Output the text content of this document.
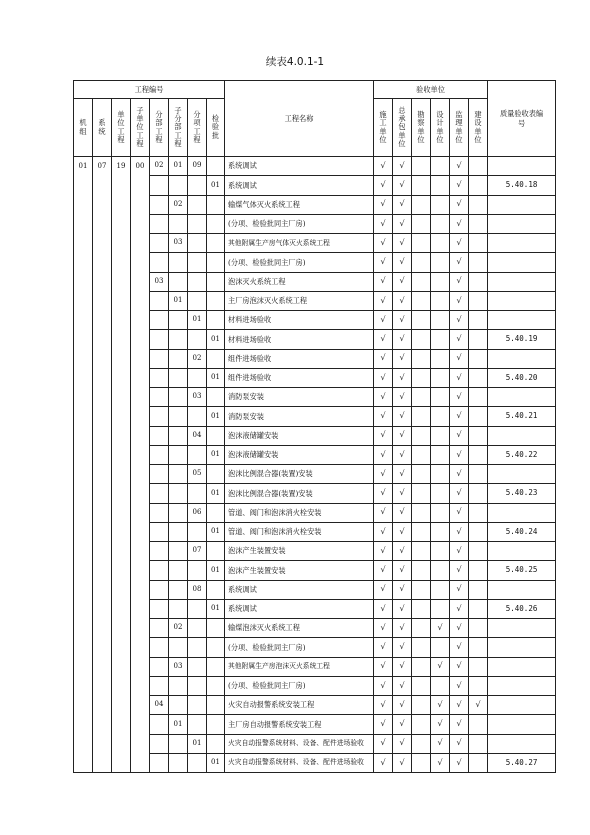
续表4.0.1-1
工程编号								工程名称	验收单位						质量验收表编号
机组	系统	单位工程	子单位工程	分部工程	子分部工程	分项工程	检验批		施工单位	总承包单位	勘察单位	设计单位	监理单位	建设单位	
01	07	19	00	02	01	09		系统调试	√	√			√		
							01	系统调试	√	√			√		5.40.18
					02			输煤气体灭火系统工程	√	√			√		
								(分项、检验批同主厂房)	√	√			√		
					03			其他附属生产房气体灭火系统工程	√	√			√		
								(分项、检验批同主厂房)	√	√			√		
				03				泡沫灭火系统工程	√	√			√		
					01			主厂房泡沫灭火系统工程	√	√			√		
						01		材料进场验收	√	√			√		
							01	材料进场验收	√	√			√		5.40.19
						02		组件进场验收	√	√			√		
							01	组件进场验收	√	√			√		5.40.20
						03		消防泵安装	√	√			√		
							01	消防泵安装	√	√			√		5.40.21
						04		泡沫液储罐安装	√	√			√		
							01	泡沫液储罐安装	√	√			√		5.40.22
						05		泡沫比例混合器(装置)安装	√	√			√		
							01	泡沫比例混合器(装置)安装	√	√			√		5.40.23
						06		管道、阀门和泡沫消火栓安装	√	√			√		
							01	管道、阀门和泡沫消火栓安装	√	√			√		5.40.24
						07		泡沫产生装置安装	√	√			√		
							01	泡沫产生装置安装	√	√			√		5.40.25
						08		系统调试	√	√			√		
							01	系统调试	√	√			√		5.40.26
					02			输煤泡沫灭火系统工程	√	√		√	√		
								(分项、检验批同主厂房)	√	√			√		
					03			其他附属生产房泡沫灭火系统工程	√	√		√	√		
								(分项、检验批同主厂房)	√	√			√		
				04				火灾自动报警系统安装工程	√	√		√	√	√	
					01			主厂房自动报警系统安装工程	√	√		√	√		
						01		火灾自动报警系统材料、设备、配件进场验收	√	√		√	√		
							01	火灾自动报警系统材料、设备、配件进场验收	√	√		√	√		5.40.27
